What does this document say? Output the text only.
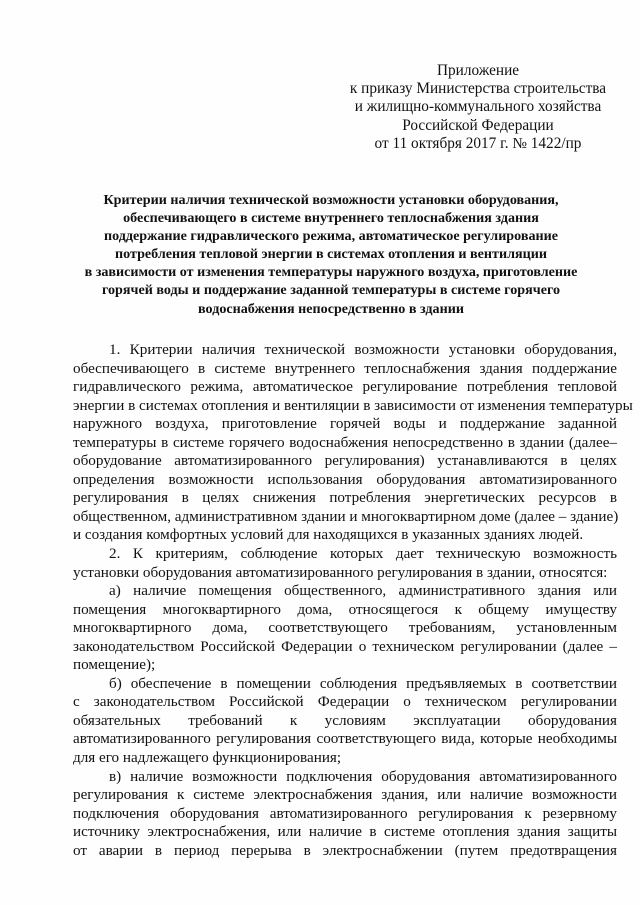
Приложение
к приказу Министерства строительства
и жилищно-коммунального хозяйства
Российской Федерации
от 11 октября 2017 г. № 1422/пр
Критерии наличия технической возможности установки оборудования,
обеспечивающего в системе внутреннего теплоснабжения здания
поддержание гидравлического режима, автоматическое регулирование
потребления тепловой энергии в системах отопления и вентиляции
в зависимости от изменения температуры наружного воздуха, приготовление
горячей воды и поддержание заданной температуры в системе горячего
водоснабжения непосредственно в здании
1. Критерии наличия технической возможности установки оборудования,
обеспечивающего в системе внутреннего теплоснабжения здания поддержание
гидравлического режима, автоматическое регулирование потребления тепловой
энергии в системах отопления и вентиляции в зависимости от изменения температуры
наружного воздуха, приготовление горячей воды и поддержание заданной
температуры в системе горячего водоснабжения непосредственно в здании (далее–
оборудование автоматизированного регулирования) устанавливаются в целях
определения возможности использования оборудования автоматизированного
регулирования в целях снижения потребления энергетических ресурсов в
общественном, административном здании и многоквартирном доме (далее – здание)
и создания комфортных условий для находящихся в указанных зданиях людей.
2. К критериям, соблюдение которых дает техническую возможность
установки оборудования автоматизированного регулирования в здании, относятся:
а) наличие помещения общественного, административного здания или
помещения многоквартирного дома, относящегося к общему имуществу
многоквартирного дома, соответствующего требованиям, установленным
законодательством Российской Федерации о техническом регулировании (далее –
помещение);
б) обеспечение в помещении соблюдения предъявляемых в соответствии
с законодательством Российской Федерации о техническом регулировании
обязательных требований к условиям эксплуатации оборудования
автоматизированного регулирования соответствующего вида, которые необходимы
для его надлежащего функционирования;
в) наличие возможности подключения оборудования автоматизированного
регулирования к системе электроснабжения здания, или наличие возможности
подключения оборудования автоматизированного регулирования к резервному
источнику электроснабжения, или наличие в системе отопления здания защиты
от аварии в период перерыва в электроснабжении (путем предотвращения
